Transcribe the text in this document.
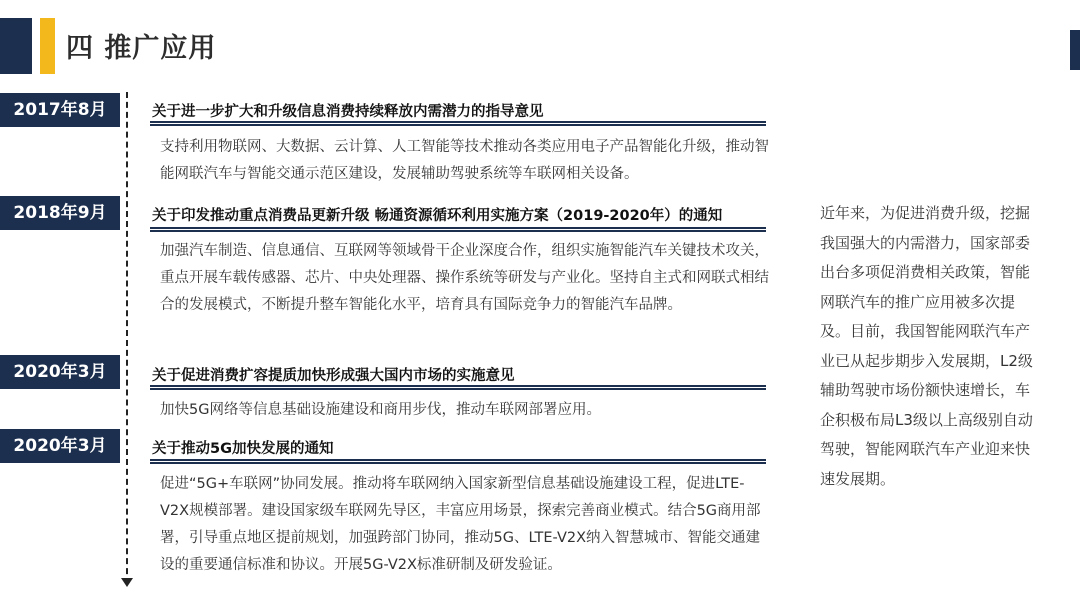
四 推广应用
2017年8月	关于进一步扩大和升级信息消费持续释放内需潜力的指导意见
支持利用物联网、大数据、云计算、人工智能等技术推动各类应用电子产品智能化升级，推动智能网联汽车与智能交通示范区建设，发展辅助驾驶系统等车联网相关设备。
2018年9月	关于印发推动重点消费品更新升级 畅通资源循环利用实施方案（2019-2020年）的通知
加强汽车制造、信息通信、互联网等领域骨干企业深度合作，组织实施智能汽车关键技术攻关，重点开展车载传感器、芯片、中央处理器、操作系统等研发与产业化。坚持自主式和网联式相结合的发展模式，不断提升整车智能化水平，培育具有国际竞争力的智能汽车品牌。
2020年3月	关于促进消费扩容提质加快形成强大国内市场的实施意见
加快5G网络等信息基础设施建设和商用步伐，推动车联网部署应用。
2020年3月	关于推动5G加快发展的通知
促进“5G+车联网”协同发展。推动将车联网纳入国家新型信息基础设施建设工程，促进LTE-V2X规模部署。建设国家级车联网先导区，丰富应用场景，探索完善商业模式。结合5G商用部署，引导重点地区提前规划，加强跨部门协同，推动5G、LTE-V2X纳入智慧城市、智能交通建设的重要通信标准和协议。开展5G-V2X标准研制及研发验证。
近年来，为促进消费升级，挖掘我国强大的内需潜力，国家部委出台多项促消费相关政策，智能网联汽车的推广应用被多次提及。目前，我国智能网联汽车产业已从起步期步入发展期，L2级辅助驾驶市场份额快速增长，车企积极布局L3级以上高级别自动驾驶，智能网联汽车产业迎来快速发展期。
